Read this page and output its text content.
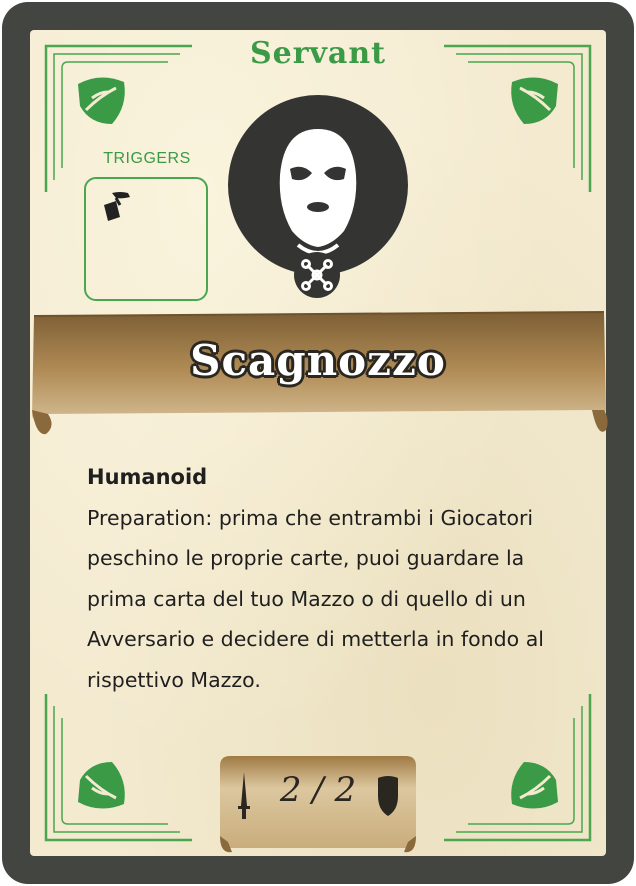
Servant
TRIGGERS
Scagnozzo
Humanoid
Preparation: prima che entrambi i Giocatori peschino le proprie carte, puoi guardare la prima carta del tuo Mazzo o di quello di un Avversario e decidere di metterla in fondo al rispettivo Mazzo.
2 / 2
